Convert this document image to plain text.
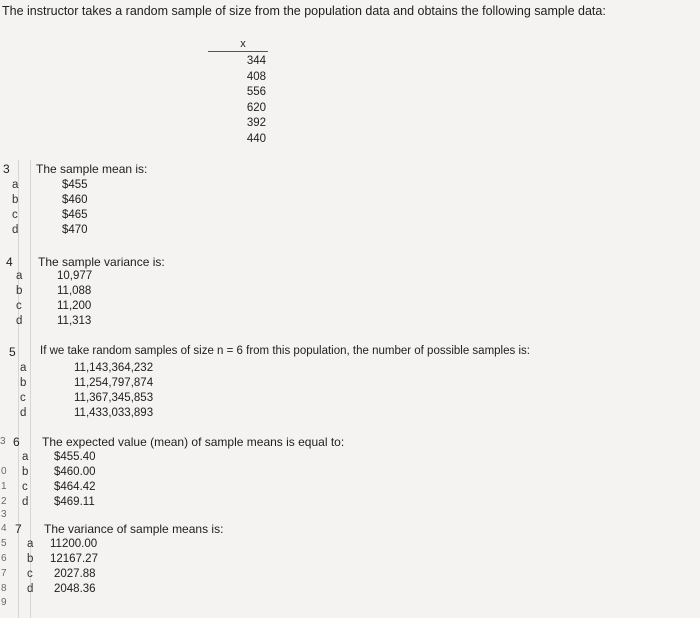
The instructor takes a random sample of size from the population data and obtains the following sample data:
x
344
408
556
620
392
440
3 The sample mean is:
a	$455
b	$460
c	$465
d	$470
4 The sample variance is:
a	10,977
b	11,088
c	11,200
d	11,313
5 If we take random samples of size n = 6 from this population, the number of possible samples is:
a	11,143,364,232
b	11,254,797,874
c	11,367,345,853
d	11,433,033,893
6 The expected value (mean) of sample means is equal to:
a $455.40
b $460.00
c $464.42
d $469.11
7 The variance of sample means is:
a 11200.00
b 12167.27
c 2027.88
d 2048.36
3
0
1
2
3
4
5
6
7
8
9
